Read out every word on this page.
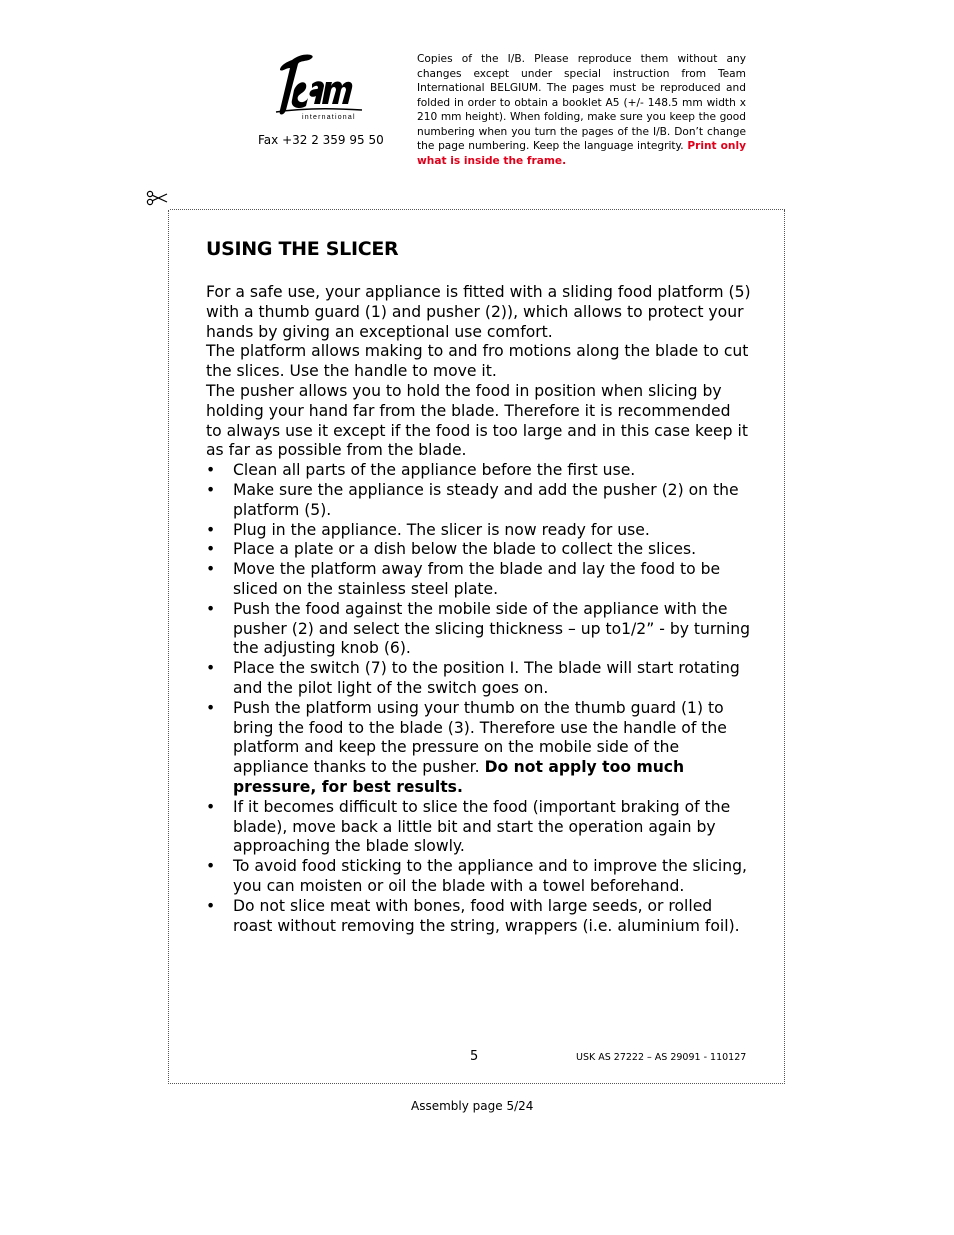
international
Fax +32 2 359 95 50
Copies of the I/B. Please reproduce them without any changes except under special instruction from Team International BELGIUM. The pages must be reproduced and folded in order to obtain a booklet A5 (+/- 148.5 mm width x 210 mm height). When folding, make sure you keep the good numbering when you turn the pages of the I/B. Don’t change the page numbering. Keep the language integrity. Print only what is inside the frame.
USING THE SLICER

For a safe use, your appliance is fitted with a sliding food platform (5) with a thumb guard (1) and pusher (2)), which allows to protect your hands by giving an exceptional use comfort.

The platform allows making to and fro motions along the blade to cut the slices. Use the handle to move it.

The pusher allows you to hold the food in position when slicing by holding your hand far from the blade. Therefore it is recommended to always use it except if the food is too large and in this case keep it as far as possible from the blade.

• Clean all parts of the appliance before the first use.
• Make sure the appliance is steady and add the pusher (2) on the platform (5).
• Plug in the appliance. The slicer is now ready for use.
• Place a plate or a dish below the blade to collect the slices.
• Move the platform away from the blade and lay the food to be sliced on the stainless steel plate.
• Push the food against the mobile side of the appliance with the pusher (2) and select the slicing thickness – up to1/2” - by turning the adjusting knob (6).
• Place the switch (7) to the position I. The blade will start rotating and the pilot light of the switch goes on.
• Push the platform using your thumb on the thumb guard (1) to bring the food to the blade (3). Therefore use the handle of the platform and keep the pressure on the mobile side of the appliance thanks to the pusher. Do not apply too much pressure, for best results.
• If it becomes difficult to slice the food (important braking of the blade), move back a little bit and start the operation again by approaching the blade slowly.
• To avoid food sticking to the appliance and to improve the slicing, you can moisten or oil the blade with a towel beforehand.
• Do not slice meat with bones, food with large seeds, or rolled roast without removing the string, wrappers (i.e. aluminium foil).
5	USK AS 27222 – AS 29091 - 110127
Assembly page 5/24
